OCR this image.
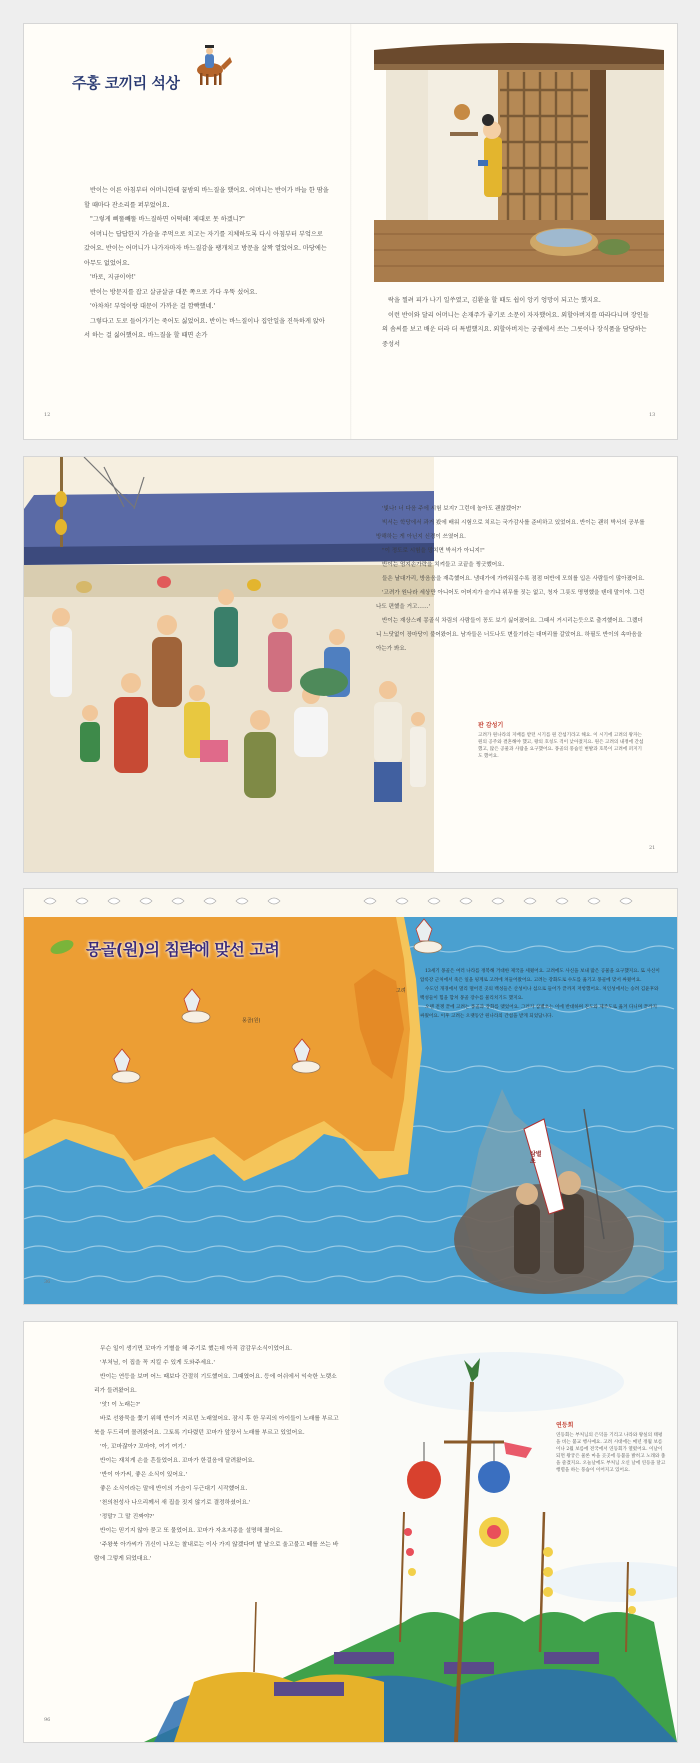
주홍 코끼리 석상

반이는 이른 아침부터 어머니한테 꿀밤의 바느질을 했어요. 어머니는 반이가 바늘 한 땀을 할 때마다 잔소리를 퍼부었어요.

"그렇게 삐뚤빼뚤 바느질하면 어떡해! 제대로 못 하겠니?"

어머니는 답답한지 가슴을 주먹으로 치고는 자기를 지체하도록 다시 아침부터 부엌으로 갔어요. 반이는 어머니가 나가자마자 바느질감을 팽개치고 방문을 살짝 열었어요. 마당에는 아무도 없었어요.

'바로, 지금이야!'

반이는 방문지를 잡고 살금살금 대문 쪽으로 가다 우뚝 섰어요.

'아차차! 부엌이랑 대문이 가까운 걸 깜빡했네.'

그렇다고 도로 들어가기는 죽어도 싫었어요. 반이는 바느질이나 집안일을 진득하게 앉아서 하는 걸 싫어했어요. 바느질을 할 때면 손가

락을 찔려 피가 나기 일쑤였고, 김환을 할 때도 쉽이 앙키 엉망이 되고는 했지요.

이런 반이와 달리 어머니는 손재주가 좋기로 소문이 자자했어요. 외할아버지를 따라다니며 장인들의 솜씨를 보고 배운 터라 더 특별했지요. 외할아버지는 궁궐에서 쓰는 그릇이나 장식품을 담당하는 중성서

12	13

'빛나! 너 다음 주에 시험 보지? 그런데 놀아도 괜찮겠어?'

빅서는 학당에서 과거 봤에 배워 시험으로 치르는 국가감사를 준비하고 있었어요. 반이는 괜히 박서의 공부를 방해하는 게 아닌지 신경이 쓰였어요.

"이 정도로 시험을 망치면 박서가 아니지!"

반이는 엄지손가락을 치켜들고 코끝을 찡긋했어요.

들은 날대가리, 방음음을 재촉했어요. 냄대가에 가까워질수록 점점 떠반에 모희를 입은 사람들이 많아졌어요.

'고려가 원나라 세상만 아니어도 어머지가 슬기냐 위무를 짓는 없고, 청자 그릇도 명명했을 텐데 말이야. 그런 나도 편했을 거고……'

반이는 재상스레 몽골식 차림의 사람들이 꽁도 보기 싫어졌어요. 그때서 거시리는듯으로 출겨했어요. 그랬더니 느닷없이 장마당이 불어왔어요. 남자들은 너도나도 변들기라는 대머리를 갈았어요. 하필도 반이의 속마음을 아는가 봐요.

판 감성기
고려가 원나라의 지배를 받던 시기를 원 간섭기라고 해요. 이 시기에 고려의 왕자는 원의 공주와 결혼해야 했고, 왕의 호칭도 격이 낮아졌지요. 원은 고려의 내정에 간섭했고, 많은 공물과 사람을 요구했어요. 몽골의 풍습인 변발과 호복이 고려에 퍼지기도 했어요.
21
몽골(원)의 침략에 맞선 고려
고려
몽골(원)
삼별초

13세기 몽골은 여러 나라를 정복해 거대한 제국을 세웠어요. 고려에도 사신을 보내 많은 공물을 요구했지요. 또 사신이 압록강 근처에서 죽은 일을 핑계로 고려에 쳐들어왔어요. 고려는 강화도로 수도를 옮기고 몽골에 맞서 싸웠어요.

수도인 개경에서 멀리 떨어진 곳의 백성들은 산성이나 섬으로 들어가 끝까지 저항했어요. 처인성에서는 승려 김윤후와 백성들이 힘을 합쳐 몽골 장수를 물리치기도 했지요.

오랜 전쟁 끝에 고려는 몽골과 강화를 맺었어요. 그러자 삼별초는 이에 반대하며 진도와 제주도로 옮겨 다니며 끝까지 싸웠어요. 이후 고려는 오랫동안 원나라의 간섭을 받게 되었답니다.

36

무슨 일이 생기면 꼬마가 기별을 해 주기로 했는데 아직 감감무소식이었어요.

'부처님, 이 집을 꼭 지킬 수 있게 도와주세요.'

반이는 연등을 보며 어느 때보다 간절히 기도했어요. 그때였어요. 등에 어쉬에서 익숙한 노랫소리가 들려왔어요.

'앗! 이 노래는?'

바로 선왕묵을 쫓기 위해 반이가 지르던 노래였어요. 잠시 후 한 무리의 아이들이 노래를 부르고 북을 두드리며 몰려왔어요. 그토록 기다렸던 꼬마가 앞장서 노래를 부르고 있었어요.

'아, 꼬마잖아? 꼬마야, 여기 여기.'

반이는 재치게 손을 흔들었어요. 꼬마가 한걸음에 달려왔어요.

'반이 아가씨, 좋은 소식이 있어요.'

좋은 소식이라는 말에 반이의 가슴이 두근대기 시작했어요.

'천의천성사 나으리께서 새 집을 짓지 않기로 결정하셨어요.'

'정말? 그 말 진짜야?'

반이는 믿기지 않아 묻고 또 물었어요. 꼬마가 자초지종을 설명해 줬어요.

'주왕북 아가씨가 귀신이 나오는 찰내로는 이사 가지 않겠다며 발 날으로 울고불고 떼를 쓰는 바람에 그렇게 되었대요.'

연등회
연등회는 부처님의 은덕을 기리고 나라와 왕실의 태평을 비는 불교 행사예요. 고려 시대에는 매년 정월 보름이나 2월 보름에 전국에서 연등회가 열렸어요. 이날이 되면 왕궁은 물론 마을 곳곳에 등불을 밝히고 노래와 춤을 즐겼지요. 오늘날에도 부처님 오신 날에 연등을 달고 행렬을 하는 풍습이 이어지고 있어요.
96
